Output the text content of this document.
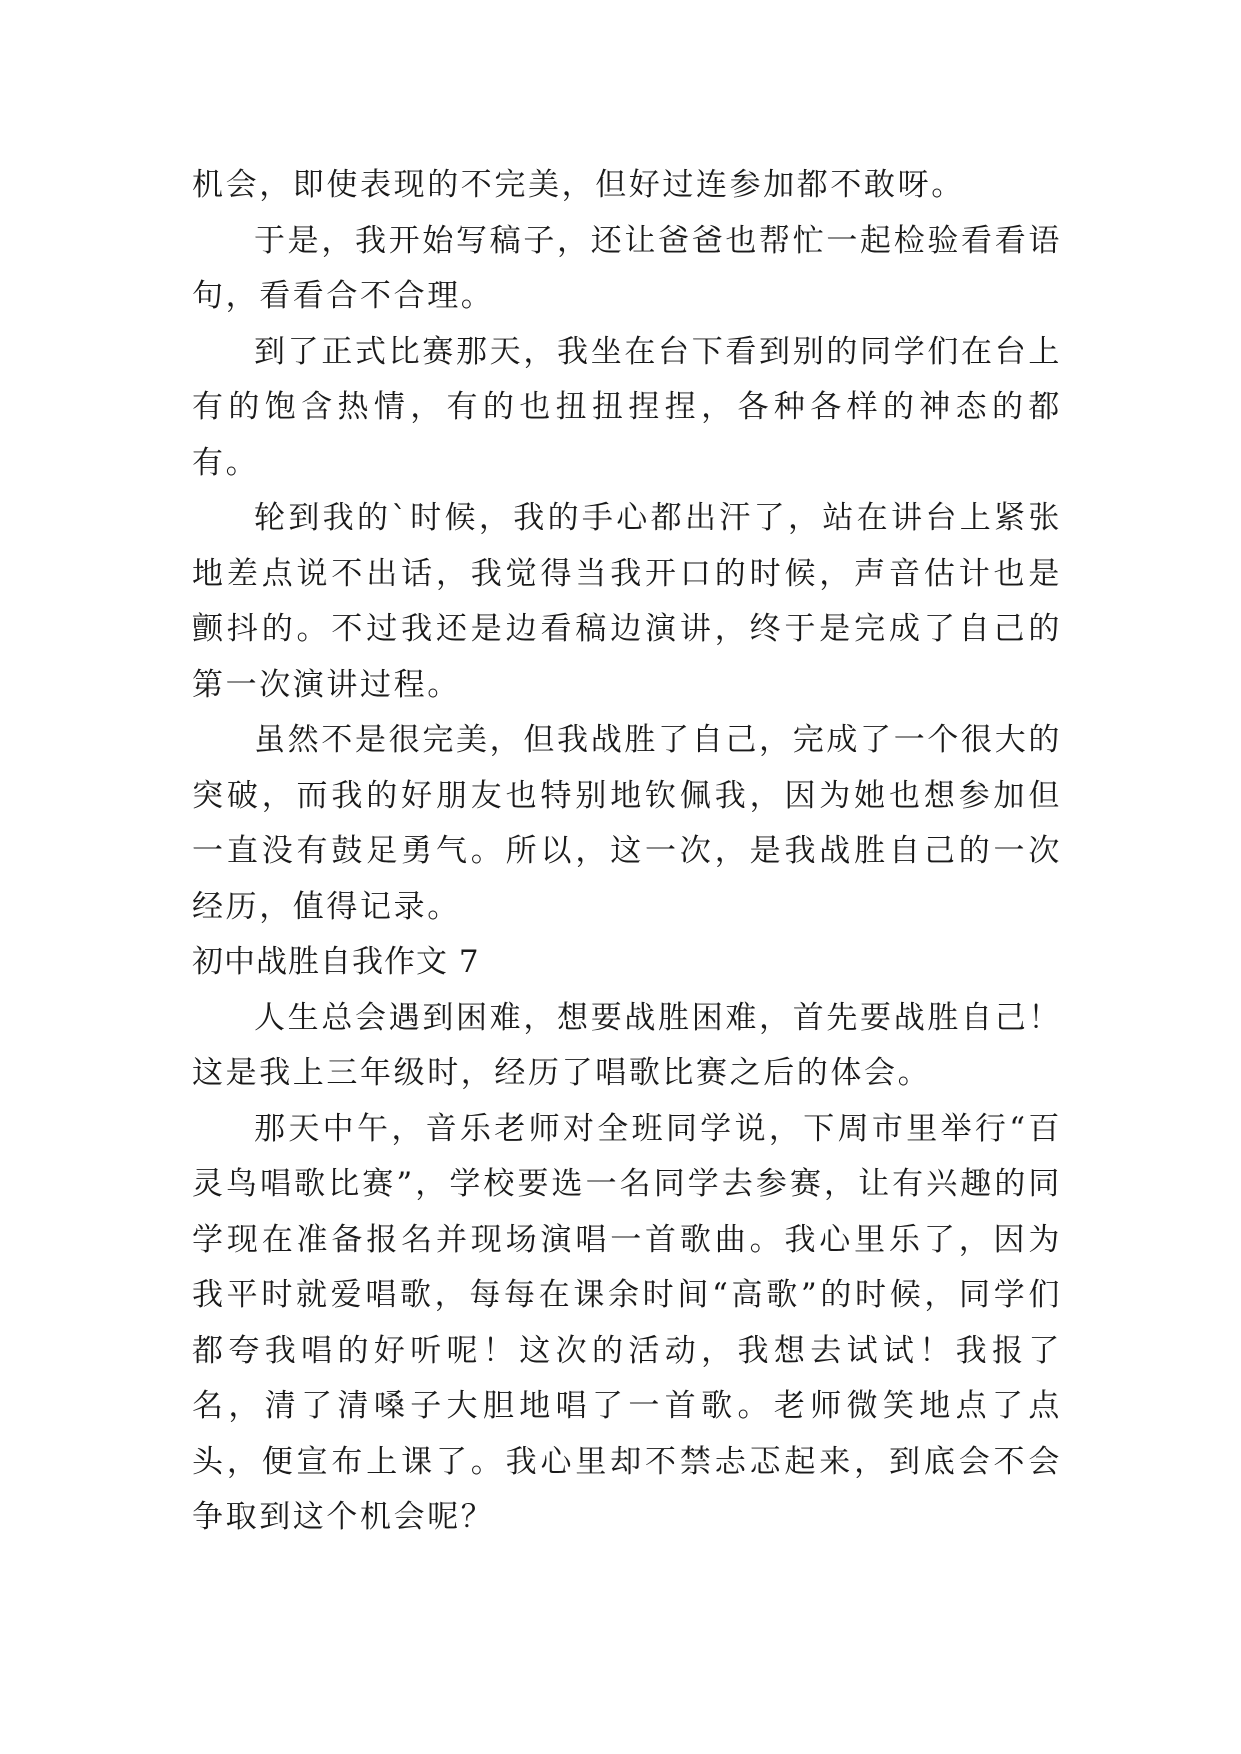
机会，即使表现的不完美，但好过连参加都不敢呀。

于是，我开始写稿子，还让爸爸也帮忙一起检验看看语句，看看合不合理。

到了正式比赛那天，我坐在台下看到别的同学们在台上有的饱含热情，有的也扭扭捏捏，各种各样的神态的都有。

轮到我的`时候，我的手心都出汗了，站在讲台上紧张地差点说不出话，我觉得当我开口的时候，声音估计也是颤抖的。不过我还是边看稿边演讲，终于是完成了自己的第一次演讲过程。

虽然不是很完美，但我战胜了自己，完成了一个很大的突破，而我的好朋友也特别地钦佩我，因为她也想参加但一直没有鼓足勇气。所以，这一次，是我战胜自己的一次经历，值得记录。

初中战胜自我作文 7

人生总会遇到困难，想要战胜困难，首先要战胜自己！这是我上三年级时，经历了唱歌比赛之后的体会。

那天中午，音乐老师对全班同学说，下周市里举行“百灵鸟唱歌比赛”，学校要选一名同学去参赛，让有兴趣的同学现在准备报名并现场演唱一首歌曲。我心里乐了，因为我平时就爱唱歌，每每在课余时间“高歌”的时候，同学们都夸我唱的好听呢！这次的活动，我想去试试！我报了名，清了清嗓子大胆地唱了一首歌。老师微笑地点了点头，便宣布上课了。我心里却不禁忐忑起来，到底会不会争取到这个机会呢？
